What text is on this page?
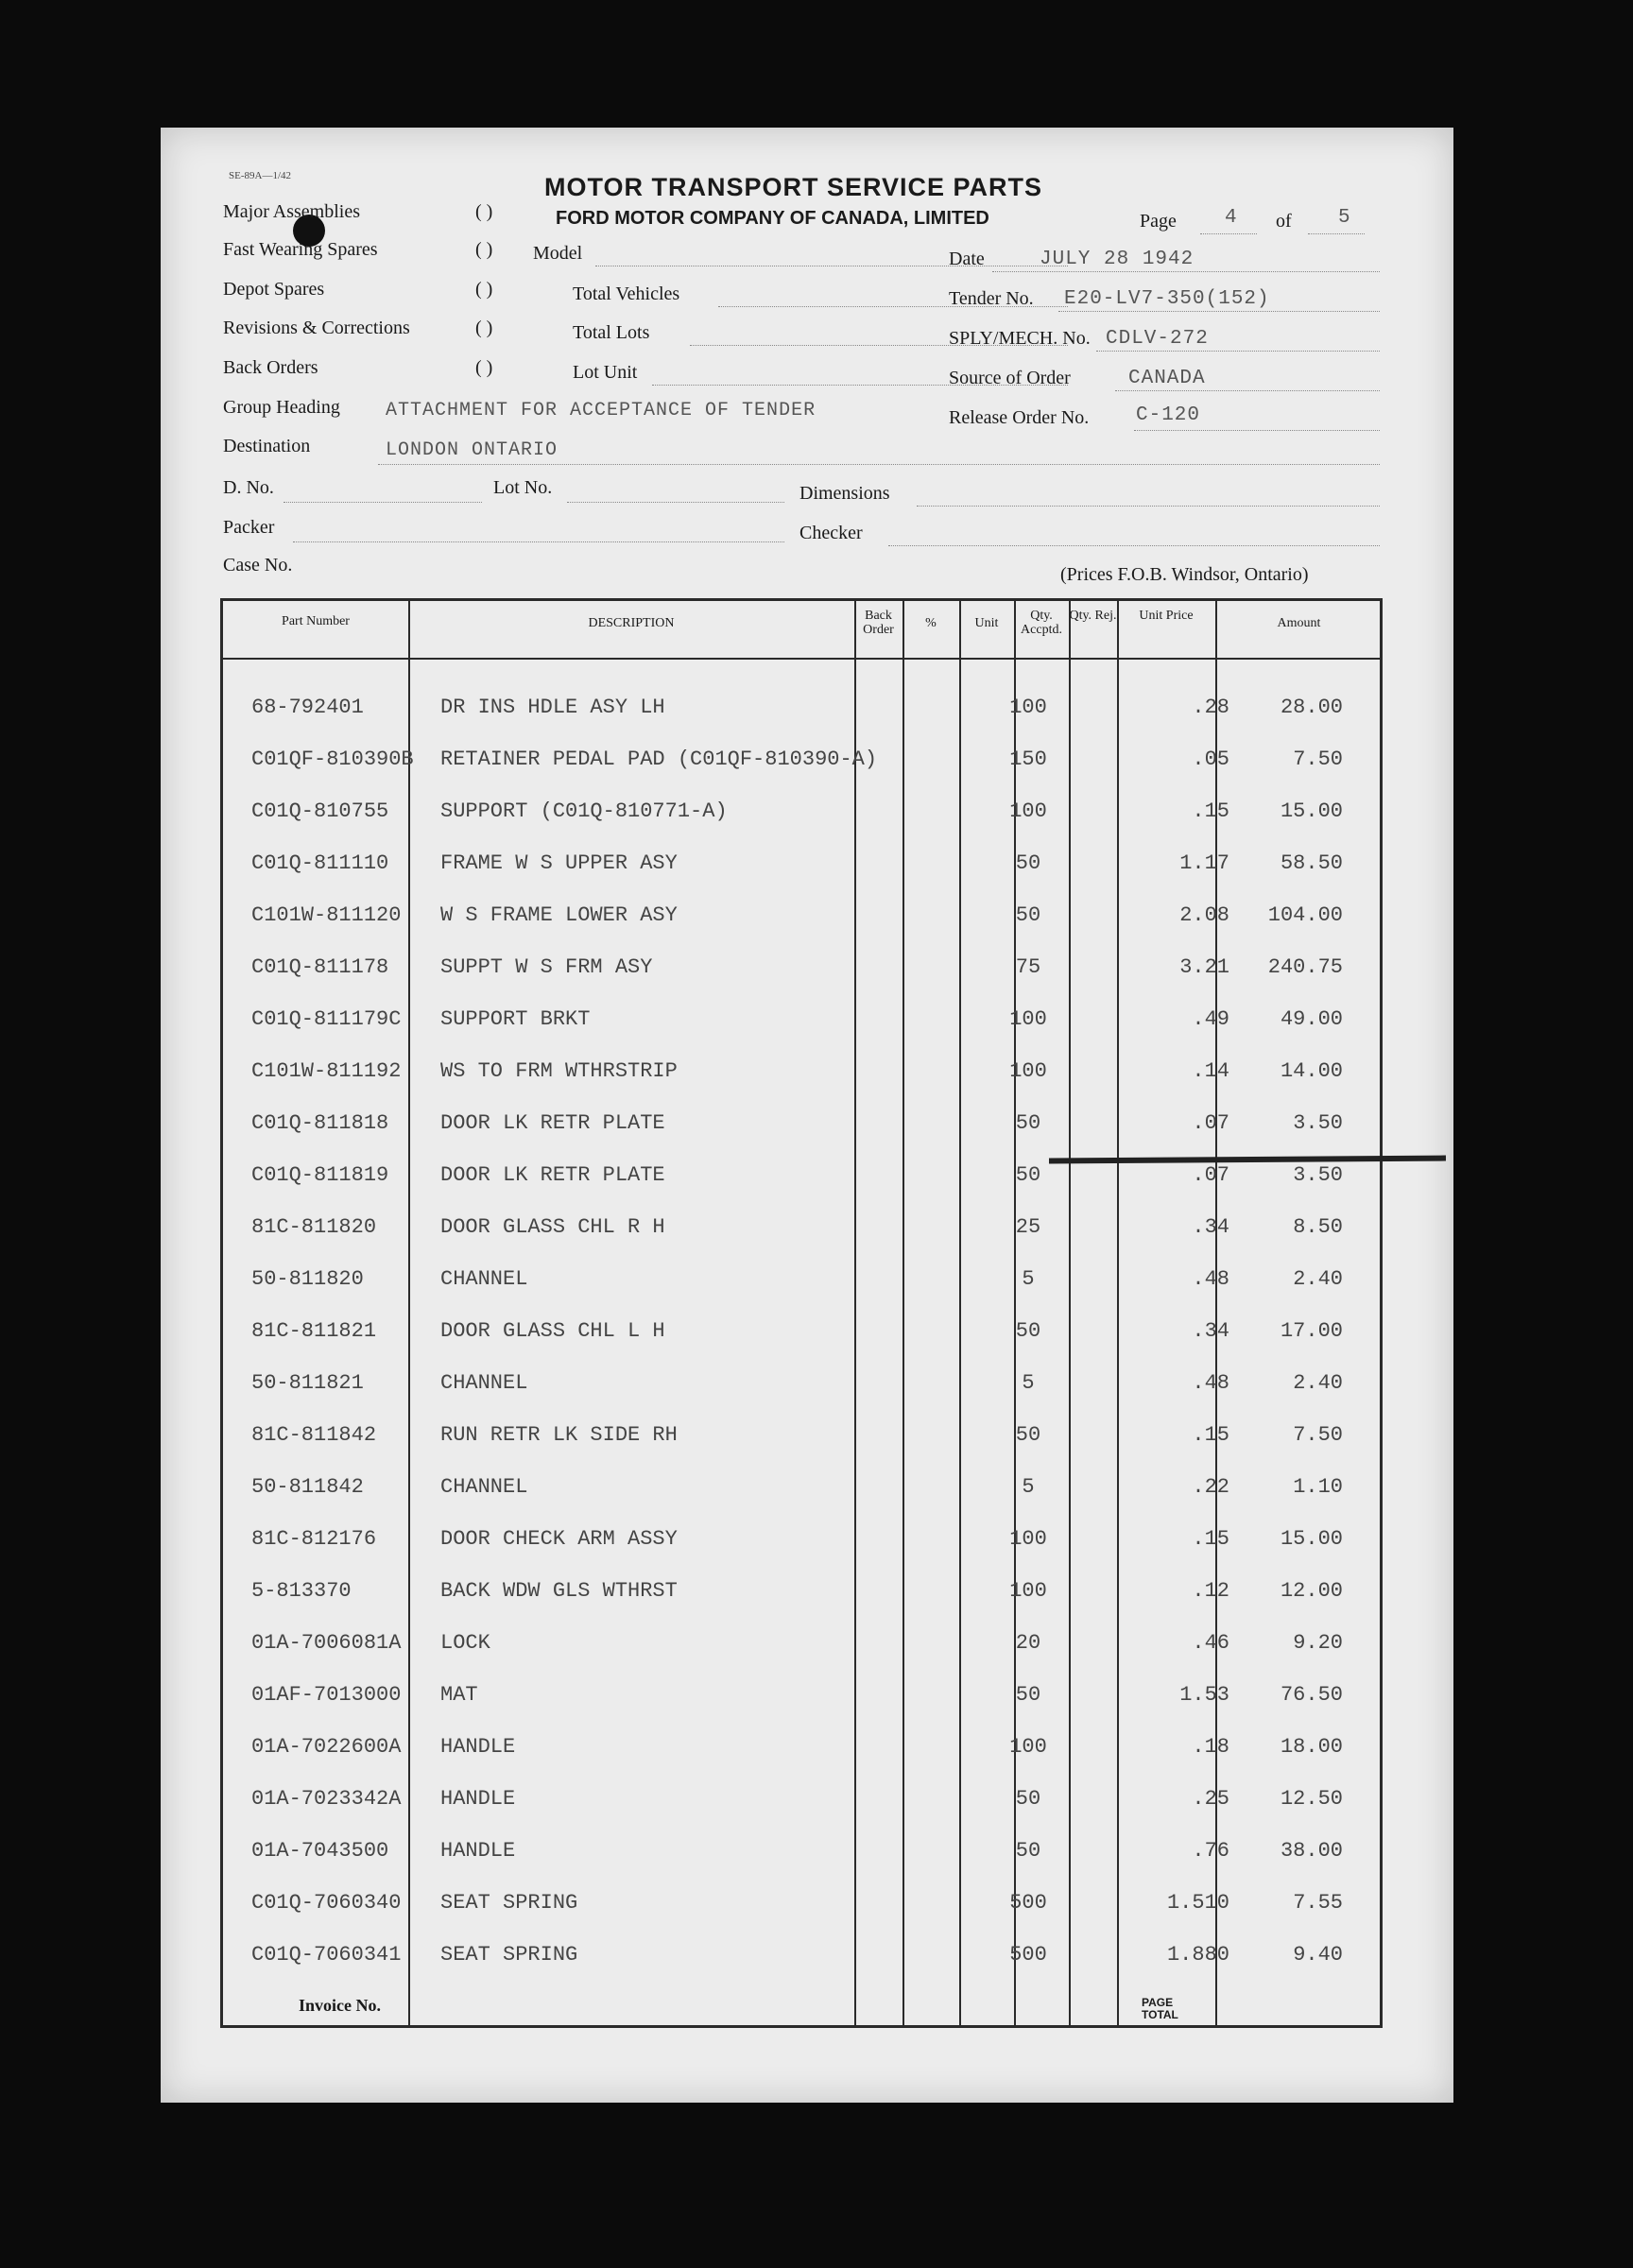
SE-89A—1/42	MOTOR TRANSPORT SERVICE PARTS
FORD MOTOR COMPANY OF CANADA, LIMITED	Page 4 of 5
Major Assemblies	( )
Fast Wearing Spares	( )
Depot Spares	( )
Revisions & Corrections	( )
Back Orders	( )
Model
Total Vehicles
Total Lots
Lot Unit
Date	JULY 28 1942
Tender No. E20-LV7-350(152)
SPLY/MECH. No. CDLV-272
Source of Order	CANADA
Release Order No. C-120
Group Heading ATTACHMENT FOR ACCEPTANCE OF TENDER
Destination	LONDON ONTARIO
D. No.	Lot No.	Dimensions
Packer	Checker
Case No.	(Prices F.O.B. Windsor, Ontario)
Part Number	DESCRIPTION
Back Order	%	Unit
Qty. Accptd.
Qty. Rej.	Unit Price
Amount
68-792401	DR INS HDLE ASY LH	100	.28	28.00
C01QF-810390B RETAINER PEDAL PAD (C01QF-810390-A)	150	.05	7.50
C01Q-810755 SUPPORT (C01Q-810771-A)	100	.15	15.00
C01Q-811110 FRAME W S UPPER ASY	50	1.17	58.50
C101W-811120 W S FRAME LOWER ASY	50	2.08	104.00
C01Q-811178 SUPPT W S FRM ASY	75	3.21	240.75
C01Q-811179C SUPPORT BRKT	100	.49	49.00
C101W-811192 WS TO FRM WTHRSTRIP	100	.14	14.00
C01Q-811818 DOOR LK RETR PLATE	50	.07	3.50
C01Q-811819 DOOR LK RETR PLATE	50	.07	3.50
81C-811820	DOOR GLASS CHL R H	25	.34	8.50
50-811820	CHANNEL	5	.48	2.40
81C-811821	DOOR GLASS CHL L H	50	.34	17.00
50-811821	CHANNEL	5	.48	2.40
81C-811842	RUN RETR LK SIDE RH	50	.15	7.50
50-811842	CHANNEL	5	.22	1.10
81C-812176	DOOR CHECK ARM ASSY	100	.15	15.00
5-813370	BACK WDW GLS WTHRST	100	.12	12.00
01A-7006081A LOCK	20	.46	9.20
01AF-7013000 MAT	50	1.53	76.50
01A-7022600A HANDLE	100	.18	18.00
01A-7023342A HANDLE	50	.25	12.50
01A-7043500 HANDLE	50	.76	38.00
C01Q-7060340 SEAT SPRING	500	1.510	7.55
C01Q-7060341 SEAT SPRING	500	1.880	9.40
Invoice No.	PAGE TOTAL
